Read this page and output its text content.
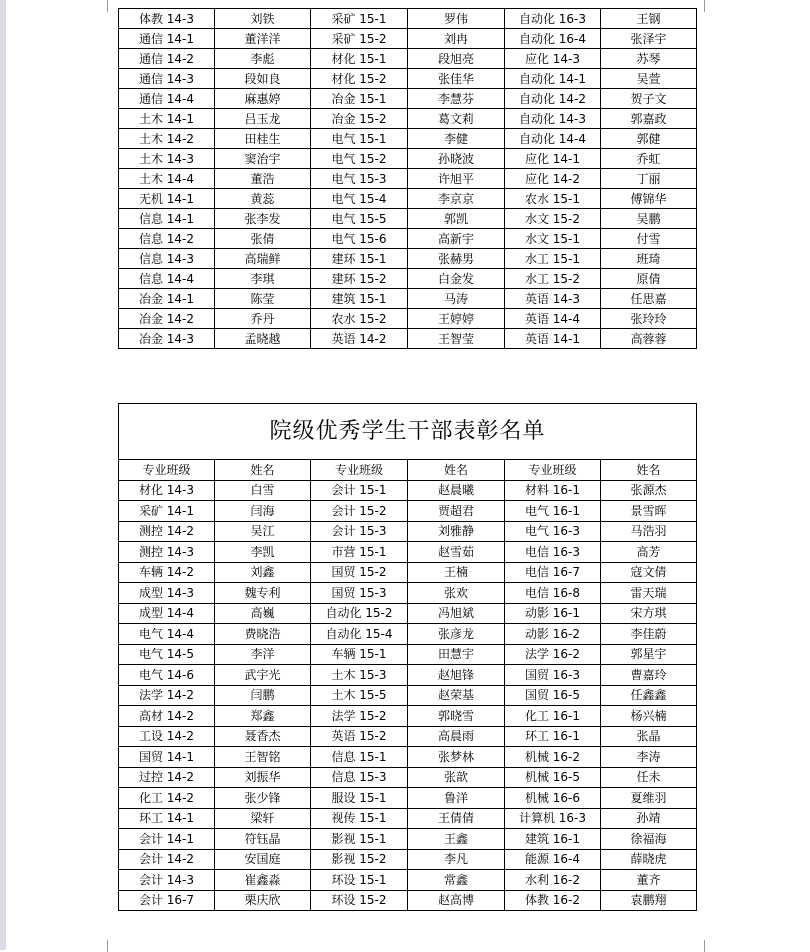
体教 14-3	刘铁	采矿 15-1	罗伟	自动化 16-3	王钢
通信 14-1	董洋洋	采矿 15-2	刘冉	自动化 16-4	张泽宇
通信 14-2	李彪	材化 15-1	段旭亮	应化 14-3	苏琴
通信 14-3	段如良	材化 15-2	张佳华	自动化 14-1	吴萱
通信 14-4	麻惠婷	冶金 15-1	李慧芬	自动化 14-2	贺子文
土木 14-1	吕玉龙	冶金 15-2	葛文莉	自动化 14-3	郭嘉政
土木 14-2	田桂生	电气 15-1	李健	自动化 14-4	郭健
土木 14-3	窦治宇	电气 15-2	孙晓波	应化 14-1	乔虹
土木 14-4	董浩	电气 15-3	许旭平	应化 14-2	丁丽
无机 14-1	黄蕊	电气 15-4	李京京	农水 15-1	傅锦华
信息 14-1	张李发	电气 15-5	郭凯	水文 15-2	吴鹏
信息 14-2	张倩	电气 15-6	高新宇	水文 15-1	付雪
信息 14-3	高瑞鲜	建环 15-1	张赫男	水工 15-1	班琦
信息 14-4	李琪	建环 15-2	白金发	水工 15-2	原倩
冶金 14-1	陈莹	建筑 15-1	马涛	英语 14-3	任思嘉
冶金 14-2	乔丹	农水 15-2	王婷婷	英语 14-4	张玲玲
冶金 14-3	孟晓越	英语 14-2	王智莹	英语 14-1	高蓉蓉
院级优秀学生干部表彰名单					
专业班级	姓名	专业班级	姓名	专业班级	姓名
材化 14-3	白雪	会计 15-1	赵晨曦	材料 16-1	张源杰
采矿 14-1	闫海	会计 15-2	贾超君	电气 16-1	景雪晖
测控 14-2	吴江	会计 15-3	刘雅静	电气 16-3	马浩羽
测控 14-3	李凯	市营 15-1	赵雪茹	电信 16-3	高芳
车辆 14-2	刘鑫	国贸 15-2	王楠	电信 16-7	寇文倩
成型 14-3	魏专利	国贸 15-3	张欢	电信 16-8	雷天瑞
成型 14-4	高巍	自动化 15-2	冯旭斌	动影 16-1	宋方琪
电气 14-4	费晓浩	自动化 15-4	张彦龙	动影 16-2	李佳蔚
电气 14-5	李洋	车辆 15-1	田慧宇	法学 16-2	郭星宇
电气 14-6	武宇光	土木 15-3	赵旭锋	国贸 16-3	曹嘉玲
法学 14-2	闫鹏	土木 15-5	赵荣基	国贸 16-5	任鑫鑫
高材 14-2	郑鑫	法学 15-2	郭晓雪	化工 16-1	杨兴楠
工设 14-2	聂香杰	英语 15-2	高晨雨	环工 16-1	张晶
国贸 14-1	王智铭	信息 15-1	张梦林	机械 16-2	李涛
过控 14-2	刘振华	信息 15-3	张歆	机械 16-5	任未
化工 14-2	张少锋	服设 15-1	鲁洋	机械 16-6	夏维羽
环工 14-1	梁轩	视传 15-1	王倩倩	计算机 16-3	孙靖
会计 14-1	符钰晶	影视 15-1	王鑫	建筑 16-1	徐福海
会计 14-2	安国庭	影视 15-2	李凡	能源 16-4	薛晓虎
会计 14-3	崔鑫淼	环设 15-1	常鑫	水利 16-2	董齐
会计 16-7	栗庆欣	环设 15-2	赵高博	体教 16-2	袁鹏翔
